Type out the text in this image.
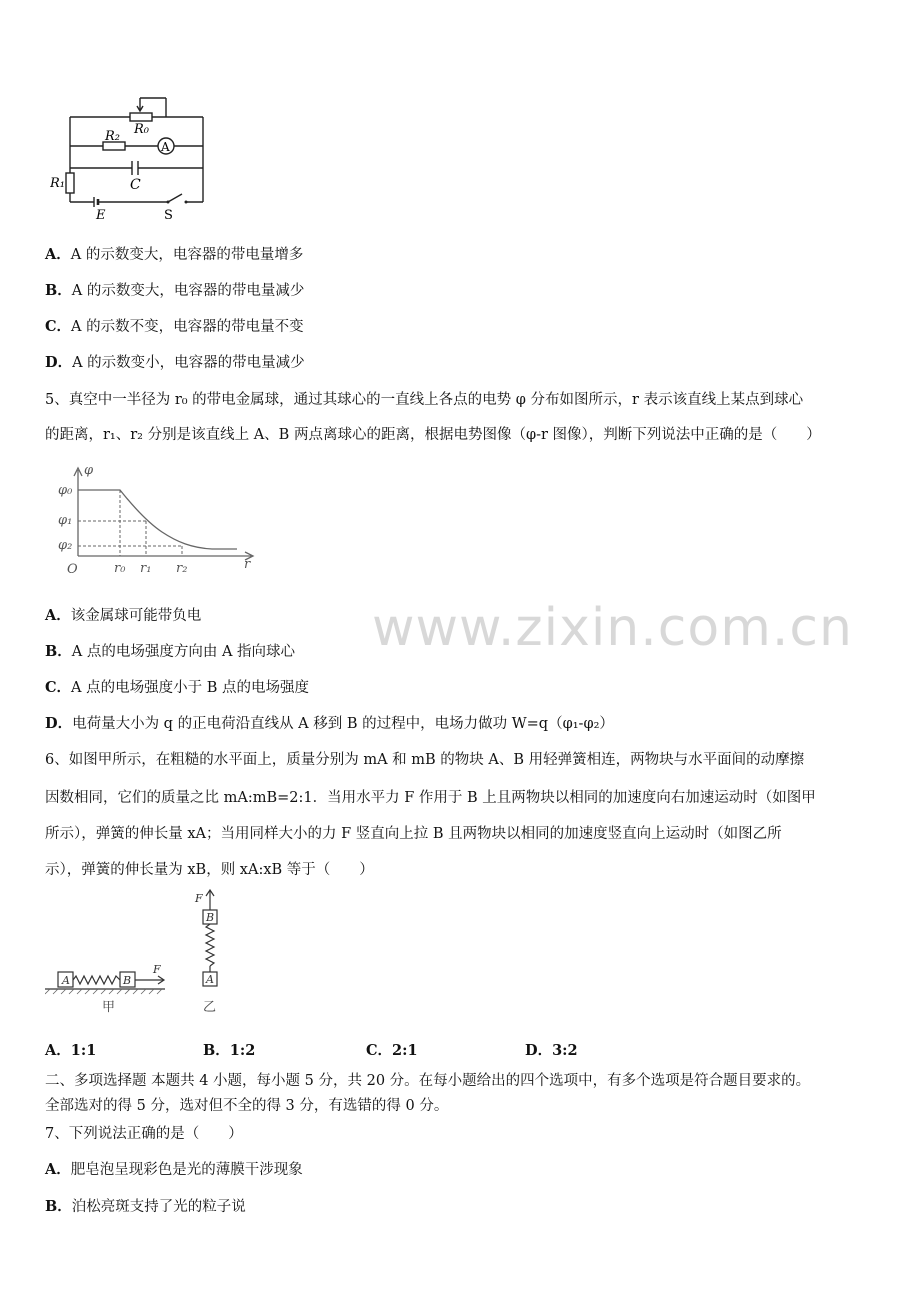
R₀
R₂
A
C
R₁
E	S
A．A 的示数变大，电容器的带电量增多
B．A 的示数变大，电容器的带电量减少
C．A 的示数不变，电容器的带电量不变
D．A 的示数变小，电容器的带电量减少
5、真空中一半径为 r₀ 的带电金属球，通过其球心的一直线上各点的电势 φ 分布如图所示，r 表示该直线上某点到球心
的距离，r₁、r₂ 分别是该直线上 A、B 两点离球心的距离，根据电势图像（φ-r 图像），判断下列说法中正确的是（　　）
φ
φ₀
φ₁
φ₂
O	r₀ r₁ r₂	r
A．该金属球可能带负电
B．A 点的电场强度方向由 A 指向球心
C．A 点的电场强度小于 B 点的电场强度
D．电荷量大小为 q 的正电荷沿直线从 A 移到 B 的过程中，电场力做功 W=q（φ₁-φ₂）
www.zixin.com.cn
6、如图甲所示，在粗糙的水平面上，质量分别为 mA 和 mB 的物块 A、B 用轻弹簧相连，两物块与水平面间的动摩擦
因数相同，它们的质量之比 mA:mB=2:1．当用水平力 F 作用于 B 上且两物块以相同的加速度向右加速运动时（如图甲
所示），弹簧的伸长量 xA；当用同样大小的力 F 竖直向上拉 B 且两物块以相同的加速度竖直向上运动时（如图乙所
示），弹簧的伸长量为 xB，则 xA:xB 等于（　　）
A	B
F
B
A
F
甲	乙
A．1:1	B．1:2	C．2:1	D．3:2
二、多项选择题 本题共 4 小题，每小题 5 分，共 20 分。在每小题给出的四个选项中，有多个选项是符合题目要求的。
全部选对的得 5 分，选对但不全的得 3 分，有选错的得 0 分。
7、下列说法正确的是（　　）
A．肥皂泡呈现彩色是光的薄膜干涉现象
B．泊松亮斑支持了光的粒子说
